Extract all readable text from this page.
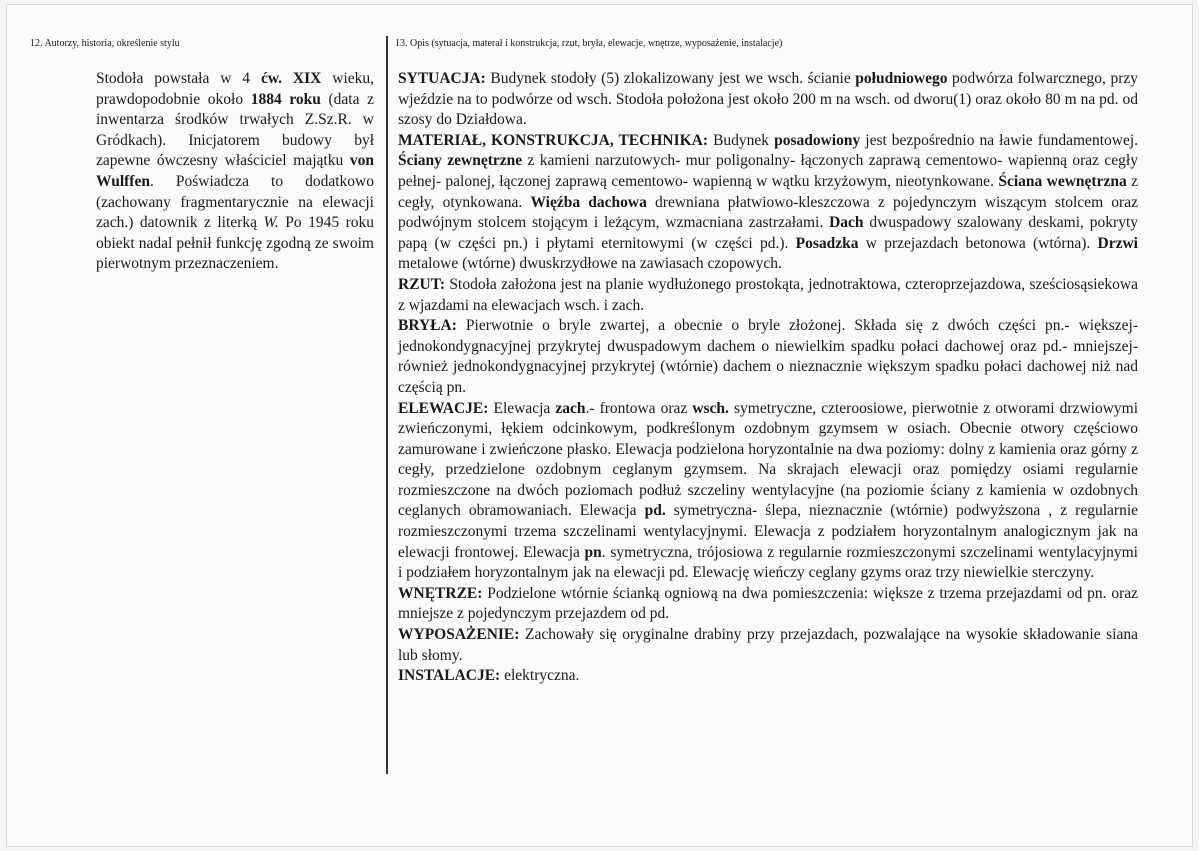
12. Autorzy, historia, określenie stylu	13. Opis (sytuacja, materał i konstrukcja, rzut, bryła, elewacje, wnętrze, wyposażenie, instalacje)

Stodoła powstała w 4 ćw. XIX wieku, prawdopodobnie około 1884 roku (data z inwentarza środków trwałych Z.Sz.R. w Gródkach). Inicjatorem budowy był zapewne ówczesny właściciel majątku von Wulffen. Poświadcza to dodatkowo (zachowany fragmentarycznie na elewacji zach.) datownik z literką W. Po 1945 roku obiekt nadal pełnił funkcję zgodną ze swoim pierwotnym przeznaczeniem.

SYTUACJA: Budynek stodoły (5) zlokalizowany jest we wsch. ścianie południowego podwórza folwarcznego, przy wjeździe na to podwórze od wsch. Stodoła położona jest około 200 m na wsch. od dworu(1) oraz około 80 m na pd. od szosy do Działdowa.

MATERIAŁ, KONSTRUKCJA, TECHNIKA: Budynek posadowiony jest bezpośrednio na ławie fundamentowej. Ściany zewnętrzne z kamieni narzutowych- mur poligonalny- łączonych zaprawą cementowo- wapienną oraz cegły pełnej- palonej, łączonej zaprawą cementowo- wapienną w wątku krzyżowym, nieotynkowane. Ściana wewnętrzna z cegły, otynkowana. Więźba dachowa drewniana płatwiowo-kleszczowa z pojedynczym wiszącym stolcem oraz podwójnym stolcem stojącym i leżącym, wzmacniana zastrzałami. Dach dwuspadowy szalowany deskami, pokryty papą (w części pn.) i płytami eternitowymi (w części pd.). Posadzka w przejazdach betonowa (wtórna). Drzwi metalowe (wtórne) dwuskrzydłowe na zawiasach czopowych.

RZUT: Stodoła założona jest na planie wydłużonego prostokąta, jednotraktowa, czteroprzejazdowa, sześciosąsiekowa z wjazdami na elewacjach wsch. i zach.

BRYŁA: Pierwotnie o bryle zwartej, a obecnie o bryle złożonej. Składa się z dwóch części pn.- większej-jednokondygnacyjnej przykrytej dwuspadowym dachem o niewielkim spadku połaci dachowej oraz pd.- mniejszej- również jednokondygnacyjnej przykrytej (wtórnie) dachem o nieznacznie większym spadku połaci dachowej niż nad częścią pn.

ELEWACJE: Elewacja zach.- frontowa oraz wsch. symetryczne, czteroosiowe, pierwotnie z otworami drzwiowymi zwieńczonymi, łękiem odcinkowym, podkreślonym ozdobnym gzymsem w osiach. Obecnie otwory częściowo zamurowane i zwieńczone płasko. Elewacja podzielona horyzontalnie na dwa poziomy: dolny z kamienia oraz górny z cegły, przedzielone ozdobnym ceglanym gzymsem. Na skrajach elewacji oraz pomiędzy osiami regularnie rozmieszczone na dwóch poziomach podłuż szczeliny wentylacyjne (na poziomie ściany z kamienia w ozdobnych ceglanych obramowaniach. Elewacja pd. symetryczna- ślepa, nieznacznie (wtórnie) podwyższona , z regularnie rozmieszczonymi trzema szczelinami wentylacyjnymi. Elewacja z podziałem horyzontalnym analogicznym jak na elewacji frontowej. Elewacja pn. symetryczna, trójosiowa z regularnie rozmieszczonymi szczelinami wentylacyjnymi i podziałem horyzontalnym jak na elewacji pd. Elewację wieńczy ceglany gzyms oraz trzy niewielkie sterczyny.

WNĘTRZE: Podzielone wtórnie ścianką ogniową na dwa pomieszczenia: większe z trzema przejazdami od pn. oraz mniejsze z pojedynczym przejazdem od pd.

WYPOSAŻENIE: Zachowały się oryginalne drabiny przy przejazdach, pozwalające na wysokie składowanie siana lub słomy.

INSTALACJE: elektryczna.
